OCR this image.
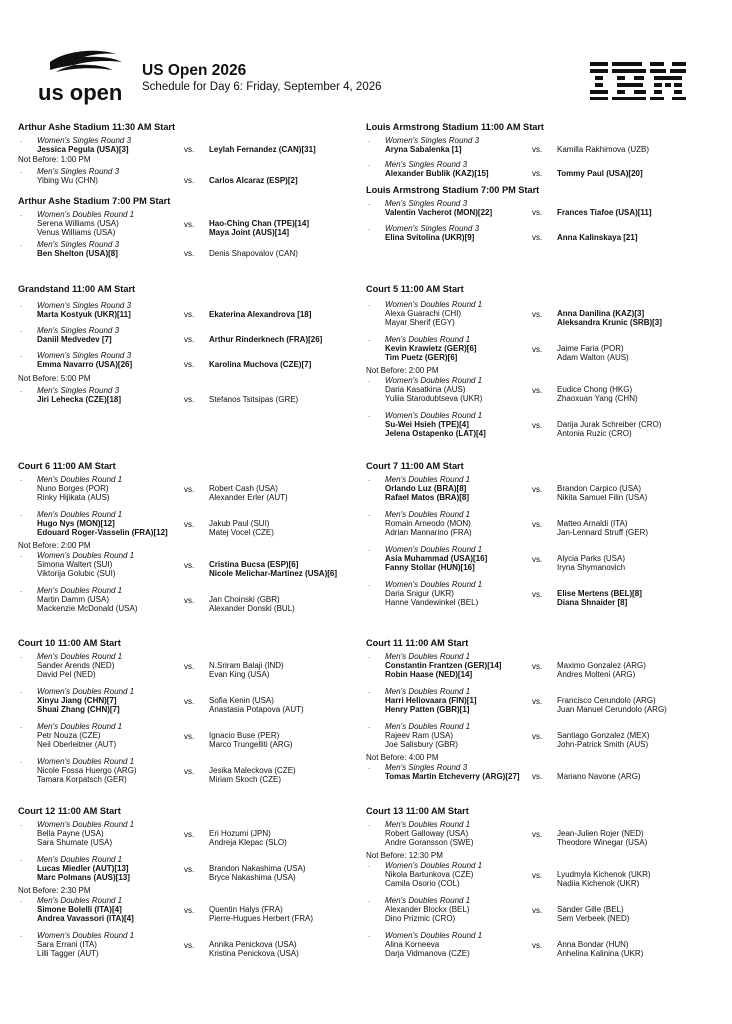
us open
US Open 2026
Schedule for Day 6: Friday, September 4, 2026
Arthur Ashe Stadium 11:30 AM Start
. Women's Singles Round 3
Jessica Pegula (USA)[3]	vs. Leylah Fernandez (CAN)[31]
Not Before: 1:00 PM
. Men's Singles Round 3
Yibing Wu (CHN)	vs. Carlos Alcaraz (ESP)[2]
Arthur Ashe Stadium 7:00 PM Start
. Women's Doubles Round 1
Serena Williams (USA)
Venus Williams (USA)
vs. Hao-Ching Chan (TPE)[14]
Maya Joint (AUS)[14]
. Men's Singles Round 3
Ben Shelton (USA)[8]	vs. Denis Shapovalov (CAN)
Grandstand 11:00 AM Start
. Women's Singles Round 3
Marta Kostyuk (UKR)[11]	vs. Ekaterina Alexandrova [18]
. Men's Singles Round 3
Daniil Medvedev [7]	vs. Arthur Rinderknech (FRA)[26]
. Women's Singles Round 3
Emma Navarro (USA)[26]	vs. Karolina Muchova (CZE)[7]
Not Before: 5:00 PM
. Men's Singles Round 3
Jiri Lehecka (CZE)[18]	vs. Stefanos Tsitsipas (GRE)
Court 6 11:00 AM Start
. Men's Doubles Round 1
Nuno Borges (POR)
Rinky Hijikata (AUS)
vs. Robert Cash (USA)
Alexander Erler (AUT)
. Men's Doubles Round 1
Hugo Nys (MON)[12]
Edouard Roger-Vasselin (FRA)[12]
vs. Jakub Paul (SUI)
Matej Vocel (CZE)
Not Before: 2:00 PM
. Women's Doubles Round 1
Simona Waltert (SUI)
Viktorija Golubic (SUI)
vs. Cristina Bucsa (ESP)[6]
Nicole Melichar-Martinez (USA)[6]
. Men's Doubles Round 1
Martin Damm (USA)
Mackenzie McDonald (USA)
vs. Jan Choinski (GBR)
Alexander Donski (BUL)
Court 10 11:00 AM Start
. Men's Doubles Round 1
Sander Arends (NED)
David Pel (NED)
vs. N.Sriram Balaji (IND)
Evan King (USA)
. Women's Doubles Round 1
Xinyu Jiang (CHN)[7]
Shuai Zhang (CHN)[7]
vs. Sofia Kenin (USA)
Anastasia Potapova (AUT)
. Men's Doubles Round 1
Petr Nouza (CZE)
Neil Oberleitner (AUT)
vs. Ignacio Buse (PER)
Marco Trungelliti (ARG)
. Women's Doubles Round 1
Nicole Fossa Huergo (ARG)
Tamara Korpatsch (GER)
vs. Jesika Maleckova (CZE)
Miriam Skoch (CZE)
Court 12 11:00 AM Start
. Women's Doubles Round 1
Bella Payne (USA)
Sara Shumate (USA)
vs. Eri Hozumi (JPN)
Andreja Klepac (SLO)
. Men's Doubles Round 1
Lucas Miedler (AUT)[13]
Marc Polmans (AUS)[13]
vs. Brandon Nakashima (USA)
Bryce Nakashima (USA)
Not Before: 2:30 PM
. Men's Doubles Round 1
Simone Bolelli (ITA)[4]
Andrea Vavassori (ITA)[4]
vs. Quentin Halys (FRA)
Pierre-Hugues Herbert (FRA)
. Women's Doubles Round 1
Sara Errani (ITA)
Lilli Tagger (AUT)
vs. Annika Penickova (USA)
Kristina Penickova (USA)
Louis Armstrong Stadium 11:00 AM Start
. Women's Singles Round 3
Aryna Sabalenka [1]	vs. Kamilla Rakhimova (UZB)
. Men's Singles Round 3
Alexander Bublik (KAZ)[15]	vs. Tommy Paul (USA)[20]
Louis Armstrong Stadium 7:00 PM Start
. Men's Singles Round 3
Valentin Vacherot (MON)[22]	vs. Frances Tiafoe (USA)[11]
. Women's Singles Round 3
Elina Svitolina (UKR)[9]	vs. Anna Kalinskaya [21]
Court 5 11:00 AM Start
. Women's Doubles Round 1
Alexa Guarachi (CHI)
Mayar Sherif (EGY)
vs. Anna Danilina (KAZ)[3]
Aleksandra Krunic (SRB)[3]
. Men's Doubles Round 1
Kevin Krawietz (GER)[6]
Tim Puetz (GER)[6]
vs. Jaime Faria (POR)
Adam Walton (AUS)
Not Before: 2:00 PM
. Women's Doubles Round 1
Daria Kasatkina (AUS)
Yuliia Starodubtseva (UKR)
vs. Eudice Chong (HKG)
Zhaoxuan Yang (CHN)
. Women's Doubles Round 1
Su-Wei Hsieh (TPE)[4]
Jelena Ostapenko (LAT)[4]
vs. Darija Jurak Schreiber (CRO)
Antonia Ruzic (CRO)
Court 7 11:00 AM Start
. Men's Doubles Round 1
Orlando Luz (BRA)[8]
Rafael Matos (BRA)[8]
vs. Brandon Carpico (USA)
Nikita Samuel Filin (USA)
. Men's Doubles Round 1
Romain Arneodo (MON)
Adrian Mannarino (FRA)
vs. Matteo Arnaldi (ITA)
Jan-Lennard Struff (GER)
. Women's Doubles Round 1
Asia Muhammad (USA)[16]
Fanny Stollar (HUN)[16]
vs. Alycia Parks (USA)
Iryna Shymanovich
. Women's Doubles Round 1
Daria Snigur (UKR)
Hanne Vandewinkel (BEL)
vs. Elise Mertens (BEL)[8]
Diana Shnaider [8]
Court 11 11:00 AM Start
. Men's Doubles Round 1
Constantin Frantzen (GER)[14]
Robin Haase (NED)[14]
vs. Maximo Gonzalez (ARG)
Andres Molteni (ARG)
. Men's Doubles Round 1
Harri Heliovaara (FIN)[1]
Henry Patten (GBR)[1]
vs. Francisco Cerundolo (ARG)
Juan Manuel Cerundolo (ARG)
. Men's Doubles Round 1
Rajeev Ram (USA)
Joe Salisbury (GBR)
vs. Santiago Gonzalez (MEX)
John-Patrick Smith (AUS)
Not Before: 4:00 PM
. Men's Singles Round 3
Tomas Martin Etcheverry (ARG)[27] vs. Mariano Navone (ARG)
Court 13 11:00 AM Start
. Men's Doubles Round 1
Robert Galloway (USA)
Andre Goransson (SWE)
vs. Jean-Julien Rojer (NED)
Theodore Winegar (USA)
Not Before: 12:30 PM
. Women's Doubles Round 1
Nikola Bartunkova (CZE)
Camila Osorio (COL)
vs. Lyudmyla Kichenok (UKR)
Nadiia Kichenok (UKR)
. Men's Doubles Round 1
Alexander Blockx (BEL)
Dino Prizmic (CRO)
vs. Sander Gille (BEL)
Sem Verbeek (NED)
. Women's Doubles Round 1
Alina Korneeva
Darja Vidmanova (CZE)
vs. Anna Bondar (HUN)
Anhelina Kalinina (UKR)
